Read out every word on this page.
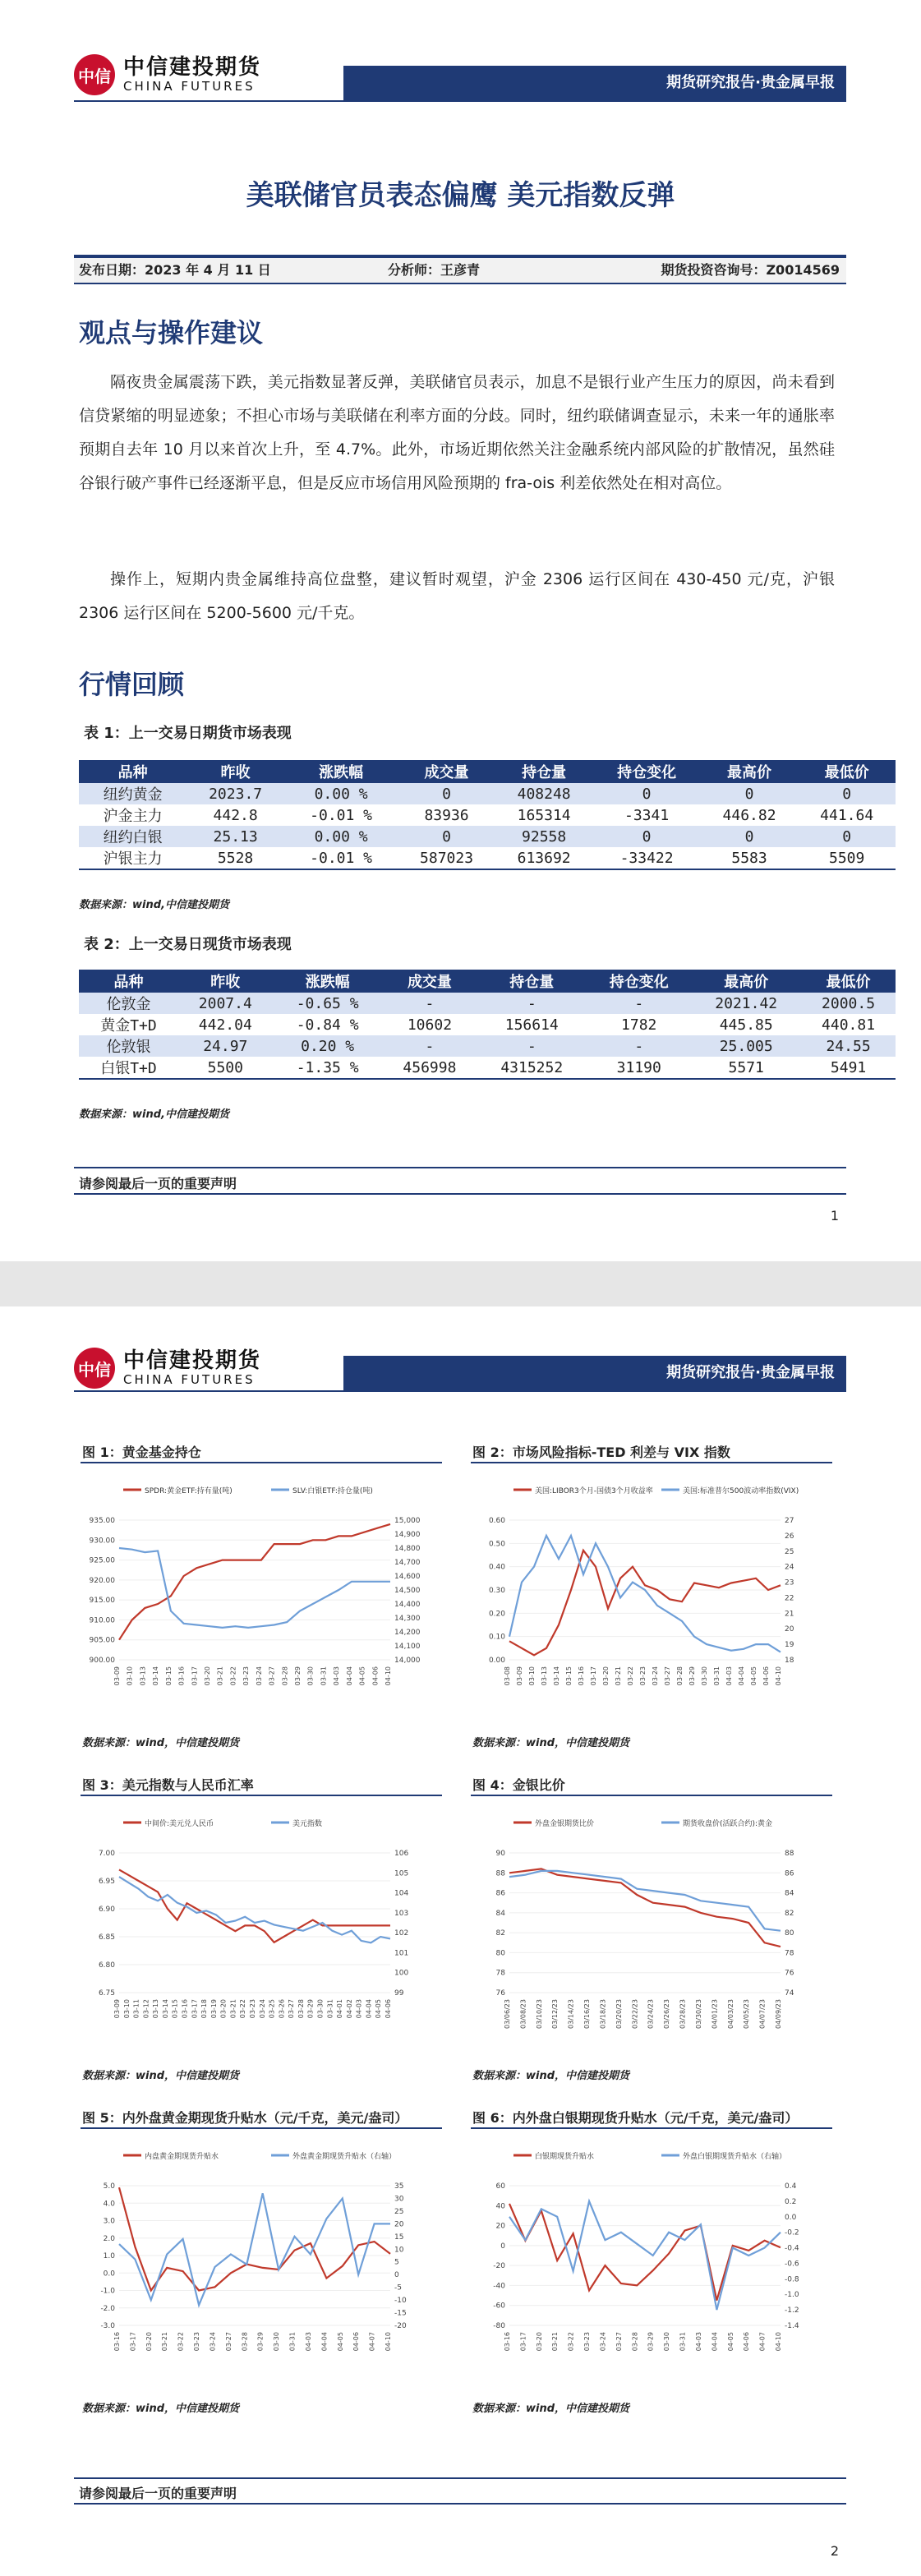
中信 中信建投期货
CHINA FUTURES	期货研究报告·贵金属早报
美联储官员表态偏鹰 美元指数反弹
发布日期：2023 年 4 月 11 日	分析师：王彦青	期货投资咨询号：Z0014569
观点与操作建议

隔夜贵金属震荡下跌，美元指数显著反弹，美联储官员表示，加息不是银行业产生压力的原因，尚未看到信贷紧缩的明显迹象；不担心市场与美联储在利率方面的分歧。同时，纽约联储调查显示，未来一年的通胀率预期自去年 10 月以来首次上升，至 4.7%。此外，市场近期依然关注金融系统内部风险的扩散情况，虽然硅谷银行破产事件已经逐渐平息，但是反应市场信用风险预期的 fra-ois 利差依然处在相对高位。

操作上，短期内贵金属维持高位盘整，建议暂时观望，沪金 2306 运行区间在 430-450 元/克，沪银 2306 运行区间在 5200-5600 元/千克。

行情回顾
表 1：上一交易日期货市场表现
品种	昨收	涨跌幅	成交量	持仓量	持仓变化	最高价	最低价
纽约黄金	2023.7	0.00 %	0	408248	0	0	0
沪金主力	442.8	-0.01 %	83936	165314	-3341	446.82	441.64
纽约白银	25.13	0.00 %	0	92558	0	0	0
沪银主力	5528	-0.01 %	587023	613692	-33422	5583	5509
数据来源：wind,中信建投期货
表 2：上一交易日现货市场表现
品种	昨收	涨跌幅	成交量	持仓量	持仓变化	最高价	最低价
伦敦金	2007.4	-0.65 %	-	-	-	2021.42	2000.5
黄金T+D	442.04	-0.84 %	10602	156614	1782	445.85	440.81
伦敦银	24.97	0.20 %	-	-	-	25.005	24.55
白银T+D	5500	-1.35 %	456998	4315252	31190	5571	5491
数据来源：wind,中信建投期货
请参阅最后一页的重要声明
1
中信 中信建投期货
CHINA FUTURES	期货研究报告·贵金属早报
图 1：黄金基金持仓
数据来源：wind，中信建投期货
SPDR:黄金ETF:持有量(吨)	SLV:白银ETF:持仓量(吨)
935.00
930.00
925.00
920.00
915.00
910.00
905.00
900.00
15,000
14,900
14,800
14,700
14,600
14,500
14,400
14,300
14,200
14,100
14,000
03-09 03-10 03-13 03-14 03-15 03-16 03-17 03-20 03-21 03-22 03-23 03-24 03-27 03-28 03-29 03-30 03-31 04-03 04-04 04-05 04-06 04-10
图 2：市场风险指标-TED 利差与 VIX 指数
数据来源：wind，中信建投期货
美国:LIBOR3个月-国债3个月收益率	美国:标准普尔500波动率指数(VIX)
0.60
0.50
0.40
0.30
0.20
0.10
0.00
27
26
25
24
23
22
21
20
19
18
03-08 03-09 03-10 03-13 03-14 03-15 03-16 03-17 03-20 03-21 03-22 03-23 03-24 03-27 03-28 03-29 03-30 03-31 04-03 04-04 04-05 04-06 04-10
图 3：美元指数与人民币汇率
数据来源：wind，中信建投期货
中间价:美元兑人民币	美元指数
7.00
6.95
6.90
6.85
6.80
6.75
106
105
104
103
102
101
100
99
03-09 03-10 03-11 03-12 03-13 03-14 03-15 03-16 03-17 03-18 03-19 03-20 03-21 03-22 03-23 03-24 03-25 03-26 03-27 03-28 03-29 03-30 03-31 04-01 04-02 04-03 04-04 04-05 04-06
图 4：金银比价
数据来源：wind，中信建投期货
外盘金银期货比价	期货收盘价(活跃合约):黄金
90
88
86
84
82
80
78
76
88
86
84
82
80
78
76
74
03/06/23 03/08/23 03/10/23 03/12/23 03/14/23 03/16/23 03/18/23 03/20/23 03/22/23 03/24/23 03/26/23 03/28/23 03/30/23 04/01/23 04/03/23 04/05/23 04/07/23 04/09/23
图 5：内外盘黄金期现货升贴水（元/千克，美元/盎司）
数据来源：wind，中信建投期货
内盘黄金期现货升贴水	外盘黄金期现货升贴水（右轴）
5.0
4.0
3.0
2.0
1.0
0.0
-1.0
-2.0
-3.0
35
30
25
20
15
10
5
0
-5
-10
-15
-20
03-16 03-17 03-20 03-21 03-22 03-23 03-24 03-27 03-28 03-29 03-30 03-31 04-03 04-04 04-05 04-06 04-07 04-10
图 6：内外盘白银期现货升贴水（元/千克，美元/盎司）
数据来源：wind，中信建投期货
白银期现货升贴水	外盘白银期现货升贴水（右轴）
60
40
20
0
-20
-40
-60
-80
0.4
0.2
0.0
-0.2
-0.4
-0.6
-0.8
-1.0
-1.2
-1.4
03-16 03-17 03-20 03-21 03-22 03-23 03-24 03-27 03-28 03-29 03-30 03-31 04-03 04-04 04-05 04-06 04-07 04-10
请参阅最后一页的重要声明
2
